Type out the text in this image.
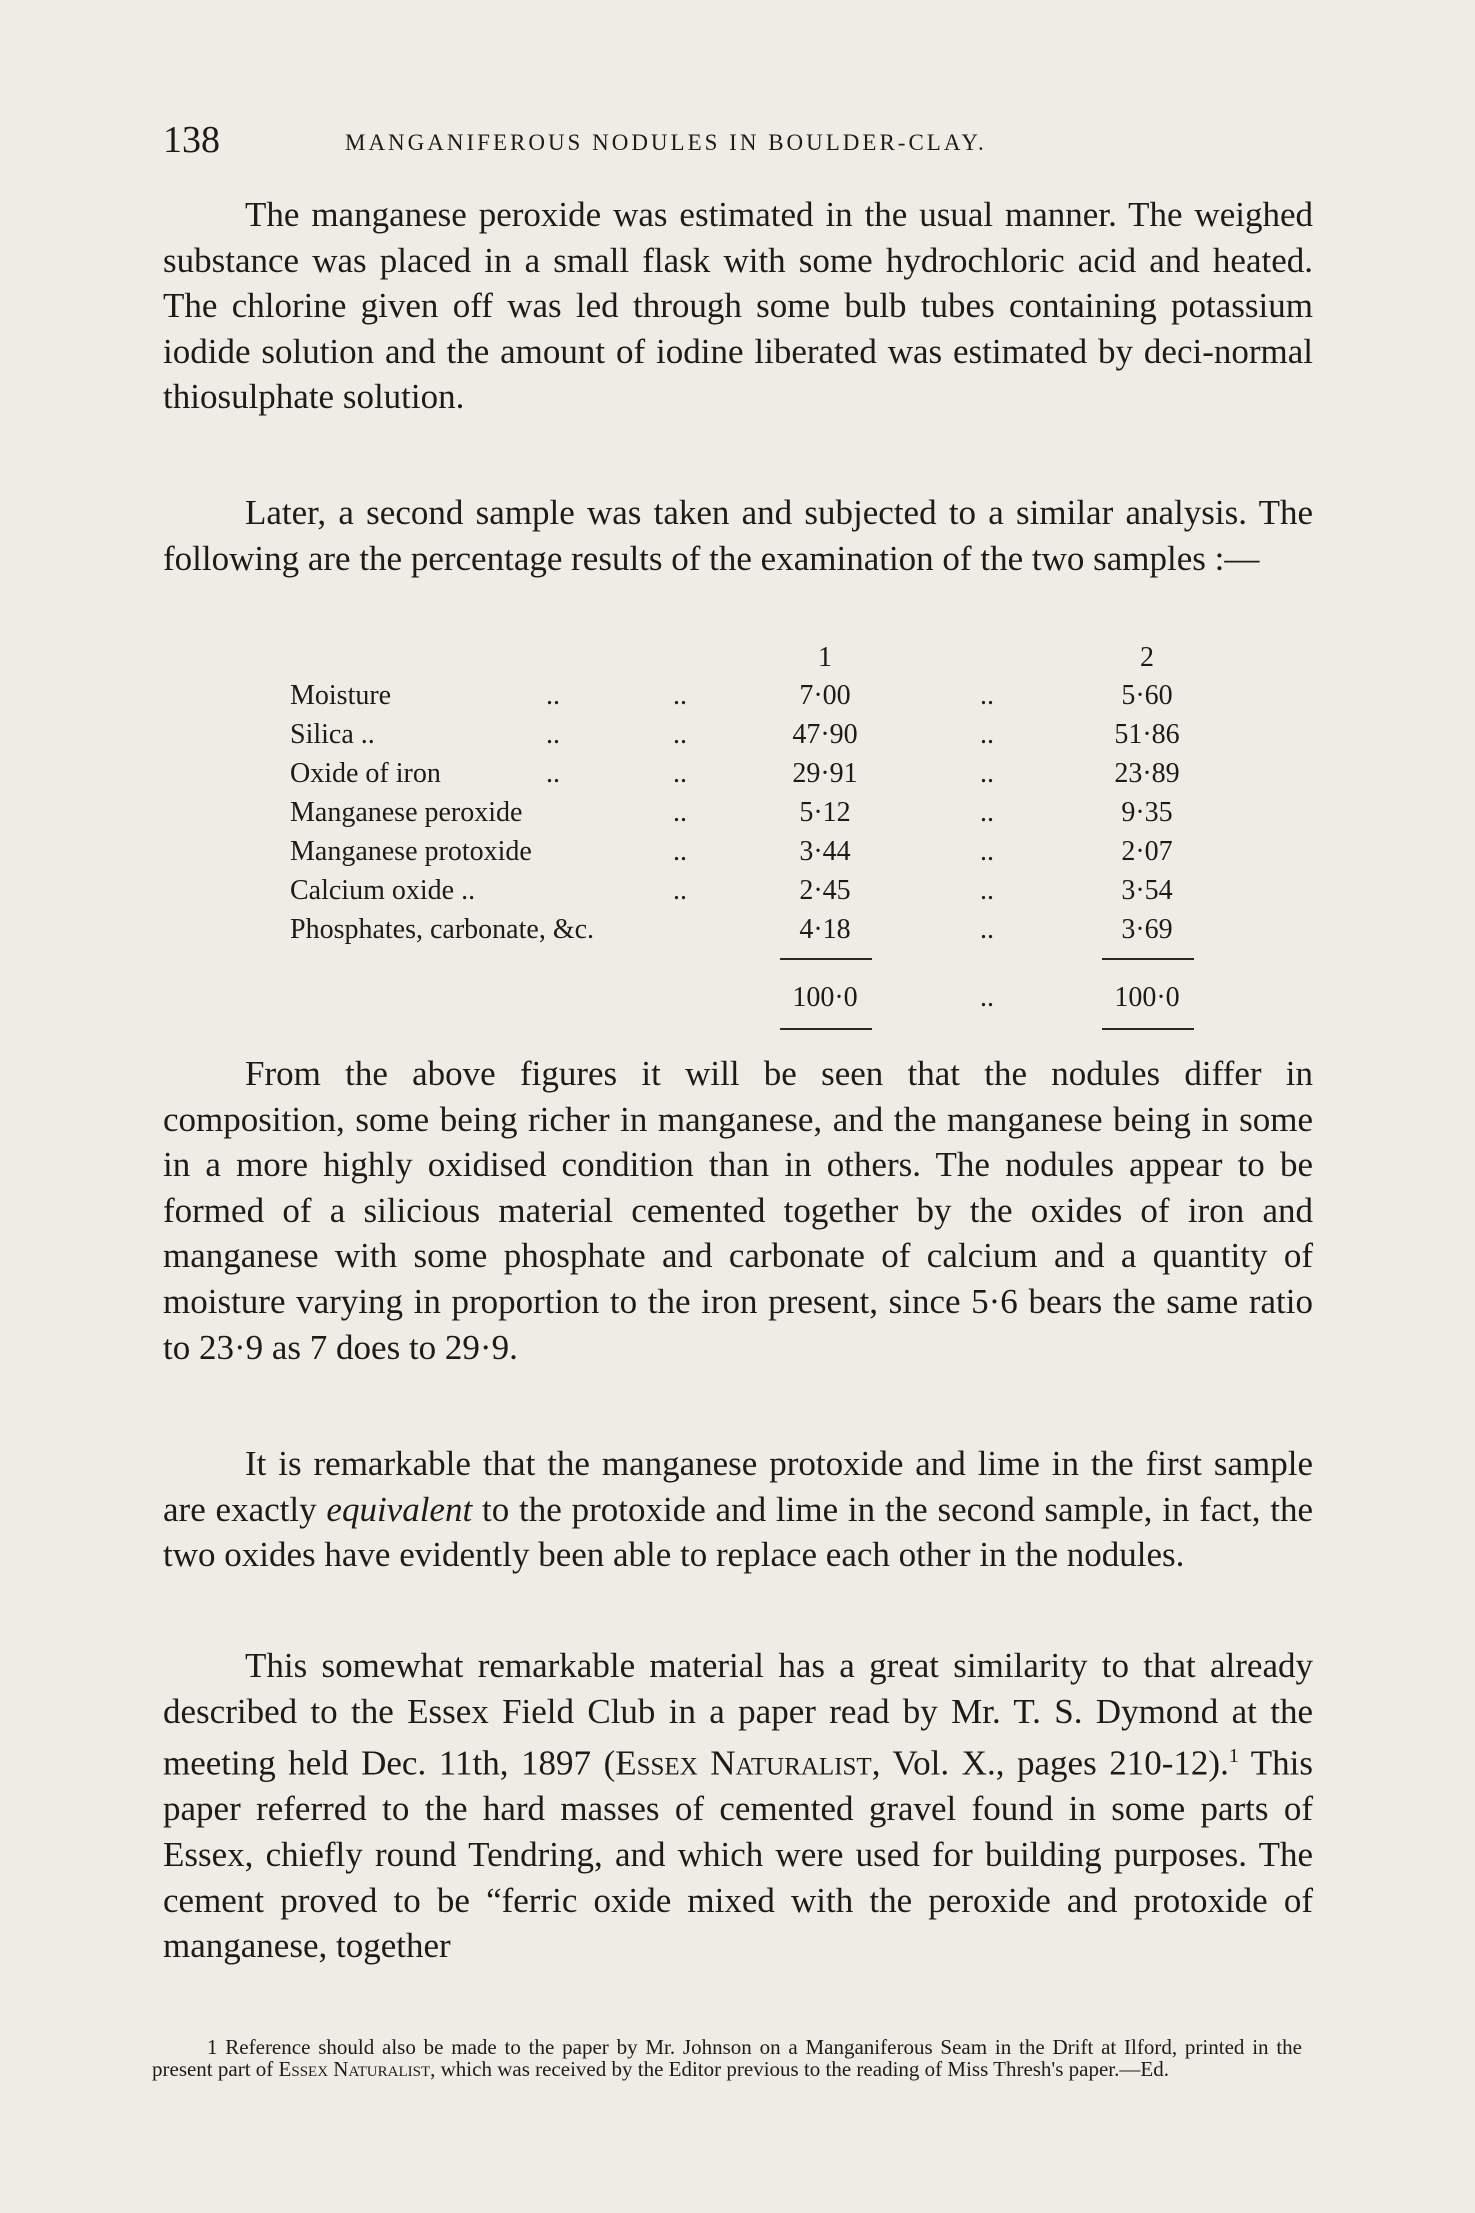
138	MANGANIFEROUS NODULES IN BOULDER-CLAY.

The manganese peroxide was estimated in the usual manner. The weighed substance was placed in a small flask with some hydrochloric acid and heated. The chlorine given off was led through some bulb tubes containing potassium iodide solution and the amount of iodine liberated was estimated by deci-normal thiosulphate solution.

Later, a second sample was taken and subjected to a similar analysis. The following are the percentage results of the examination of the two samples :—

1	2
Moisture	..	..	7·00	..	5·60
Silica ..	..	..	47·90	..	51·86
Oxide of iron	..	..	29·91	..	23·89
Manganese peroxide	..	5·12	..	9·35
Manganese protoxide	..	3·44	..	2·07
Calcium oxide ..	..	2·45	..	3·54
Phosphates, carbonate, &c.	4·18	..	3·69
100·0	..	100·0

From the above figures it will be seen that the nodules differ in composition, some being richer in manganese, and the manganese being in some in a more highly oxidised condition than in others. The nodules appear to be formed of a silicious material cemented together by the oxides of iron and manganese with some phosphate and carbonate of calcium and a quantity of moisture varying in proportion to the iron present, since 5·6 bears the same ratio to 23·9 as 7 does to 29·9.

It is remarkable that the manganese protoxide and lime in the first sample are exactly equivalent to the protoxide and lime in the second sample, in fact, the two oxides have evidently been able to replace each other in the nodules.

This somewhat remarkable material has a great similarity to that already described to the Essex Field Club in a paper read by Mr. T. S. Dymond at the meeting held Dec. 11th, 1897 (Essex Naturalist, Vol. X., pages 210-12).$^1$ This paper referred to the hard masses of cemented gravel found in some parts of Essex, chiefly round Tendring, and which were used for building purposes. The cement proved to be “ferric oxide mixed with the peroxide and protoxide of manganese, together

1 Reference should also be made to the paper by Mr. Johnson on a Manganiferous Seam in the Drift at Ilford, printed in the present part of Essex Naturalist, which was received by the Editor previous to the reading of Miss Thresh's paper.—Ed.
